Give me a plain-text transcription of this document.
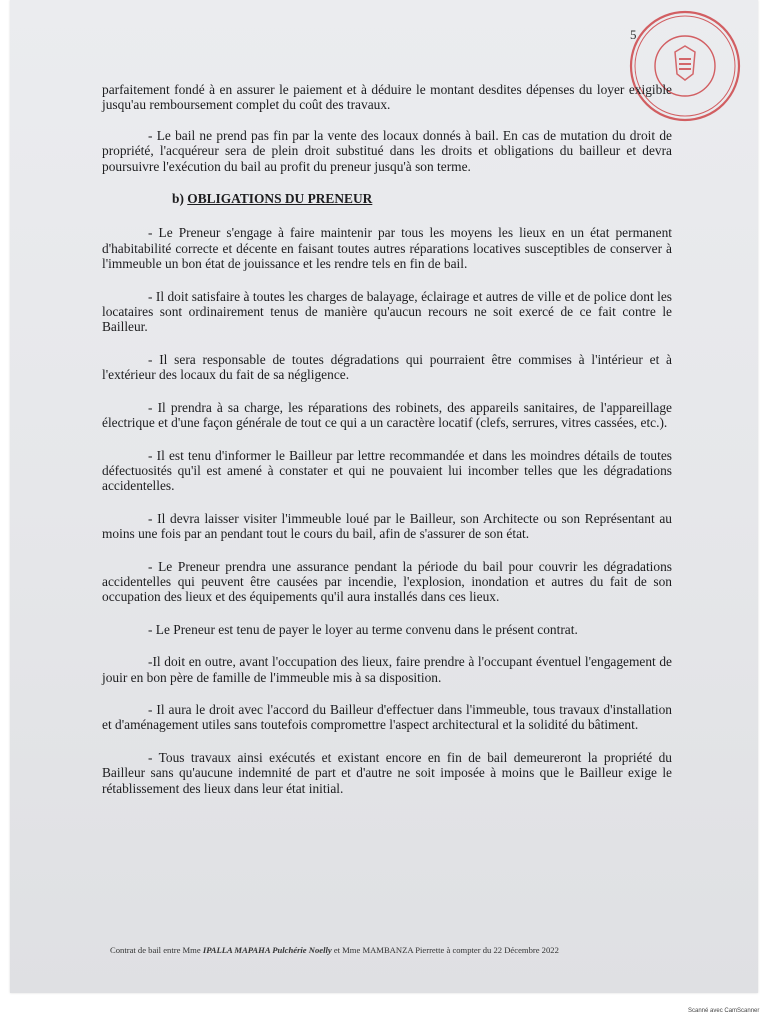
5

parfaitement fondé à en assurer le paiement et à déduire le montant desdites dépenses du loyer exigible jusqu'au remboursement complet du coût des travaux.

- Le bail ne prend pas fin par la vente des locaux donnés à bail. En cas de mutation du droit de propriété, l'acquéreur sera de plein droit substitué dans les droits et obligations du bailleur et devra poursuivre l'exécution du bail au profit du preneur jusqu'à son terme.

b) OBLIGATIONS DU PRENEUR

- Le Preneur s'engage à faire maintenir par tous les moyens les lieux en un état permanent d'habitabilité correcte et décente en faisant toutes autres réparations locatives susceptibles de conserver à l'immeuble un bon état de jouissance et les rendre tels en fin de bail.

- Il doit satisfaire à toutes les charges de balayage, éclairage et autres de ville et de police dont les locataires sont ordinairement tenus de manière qu'aucun recours ne soit exercé de ce fait contre le Bailleur.

- Il sera responsable de toutes dégradations qui pourraient être commises à l'intérieur et à l'extérieur des locaux du fait de sa négligence.

- Il prendra à sa charge, les réparations des robinets, des appareils sanitaires, de l'appareillage électrique et d'une façon générale de tout ce qui a un caractère locatif (clefs, serrures, vitres cassées, etc.).

- Il est tenu d'informer le Bailleur par lettre recommandée et dans les moindres détails de toutes défectuosités qu'il est amené à constater et qui ne pouvaient lui incomber telles que les dégradations accidentelles.

- Il devra laisser visiter l'immeuble loué par le Bailleur, son Architecte ou son Représentant au moins une fois par an pendant tout le cours du bail, afin de s'assurer de son état.

- Le Preneur prendra une assurance pendant la période du bail pour couvrir les dégradations accidentelles qui peuvent être causées par incendie, l'explosion, inondation et autres du fait de son occupation des lieux et des équipements qu'il aura installés dans ces lieux.

- Le Preneur est tenu de payer le loyer au terme convenu dans le présent contrat.

-Il doit en outre, avant l'occupation des lieux, faire prendre à l'occupant éventuel l'engagement de jouir en bon père de famille de l'immeuble mis à sa disposition.

- Il aura le droit avec l'accord du Bailleur d'effectuer dans l'immeuble, tous travaux d'installation et d'aménagement utiles sans toutefois compromettre l'aspect architectural et la solidité du bâtiment.

- Tous travaux ainsi exécutés et existant encore en fin de bail demeureront la propriété du Bailleur sans qu'aucune indemnité de part et d'autre ne soit imposée à moins que le Bailleur exige le rétablissement des lieux dans leur état initial.

Contrat de bail entre Mme IPALLA MAPAHA Pulchérie Noelly et Mme MAMBANZA Pierrette à compter du 22 Décembre 2022
Scanné avec CamScanner
